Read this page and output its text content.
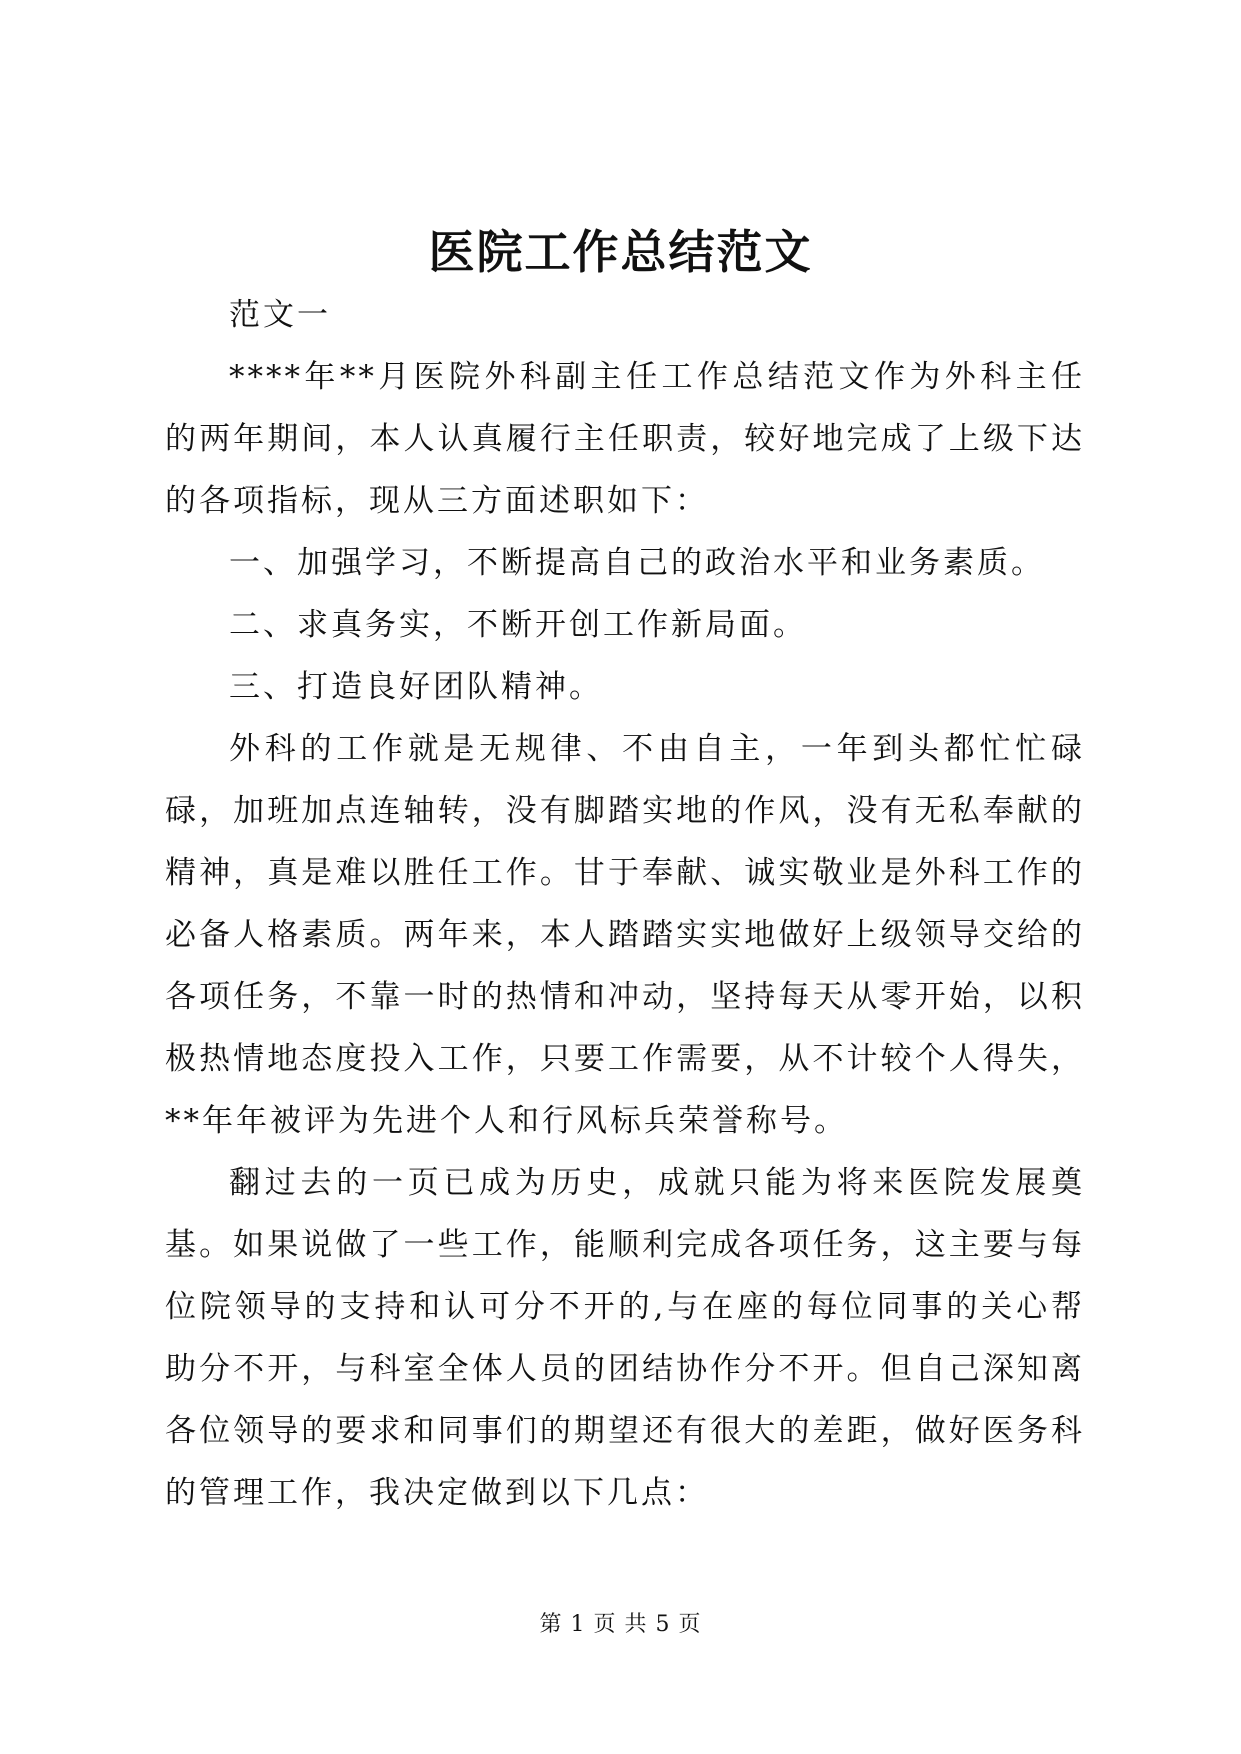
医院工作总结范文

范文一

****年**月医院外科副主任工作总结范文作为外科主任的两年期间，本人认真履行主任职责，较好地完成了上级下达的各项指标，现从三方面述职如下：

一、加强学习，不断提高自己的政治水平和业务素质。

二、求真务实，不断开创工作新局面。

三、打造良好团队精神。

外科的工作就是无规律、不由自主，一年到头都忙忙碌碌，加班加点连轴转，没有脚踏实地的作风，没有无私奉献的精神，真是难以胜任工作。甘于奉献、诚实敬业是外科工作的必备人格素质。两年来，本人踏踏实实地做好上级领导交给的各项任务，不靠一时的热情和冲动，坚持每天从零开始，以积极热情地态度投入工作，只要工作需要，从不计较个人得失，**年年被评为先进个人和行风标兵荣誉称号。

翻过去的一页已成为历史，成就只能为将来医院发展奠基。如果说做了一些工作，能顺利完成各项任务，这主要与每位院领导的支持和认可分不开的,与在座的每位同事的关心帮助分不开，与科室全体人员的团结协作分不开。但自己深知离各位领导的要求和同事们的期望还有很大的差距，做好医务科的管理工作，我决定做到以下几点：

第 1 页 共 5 页
